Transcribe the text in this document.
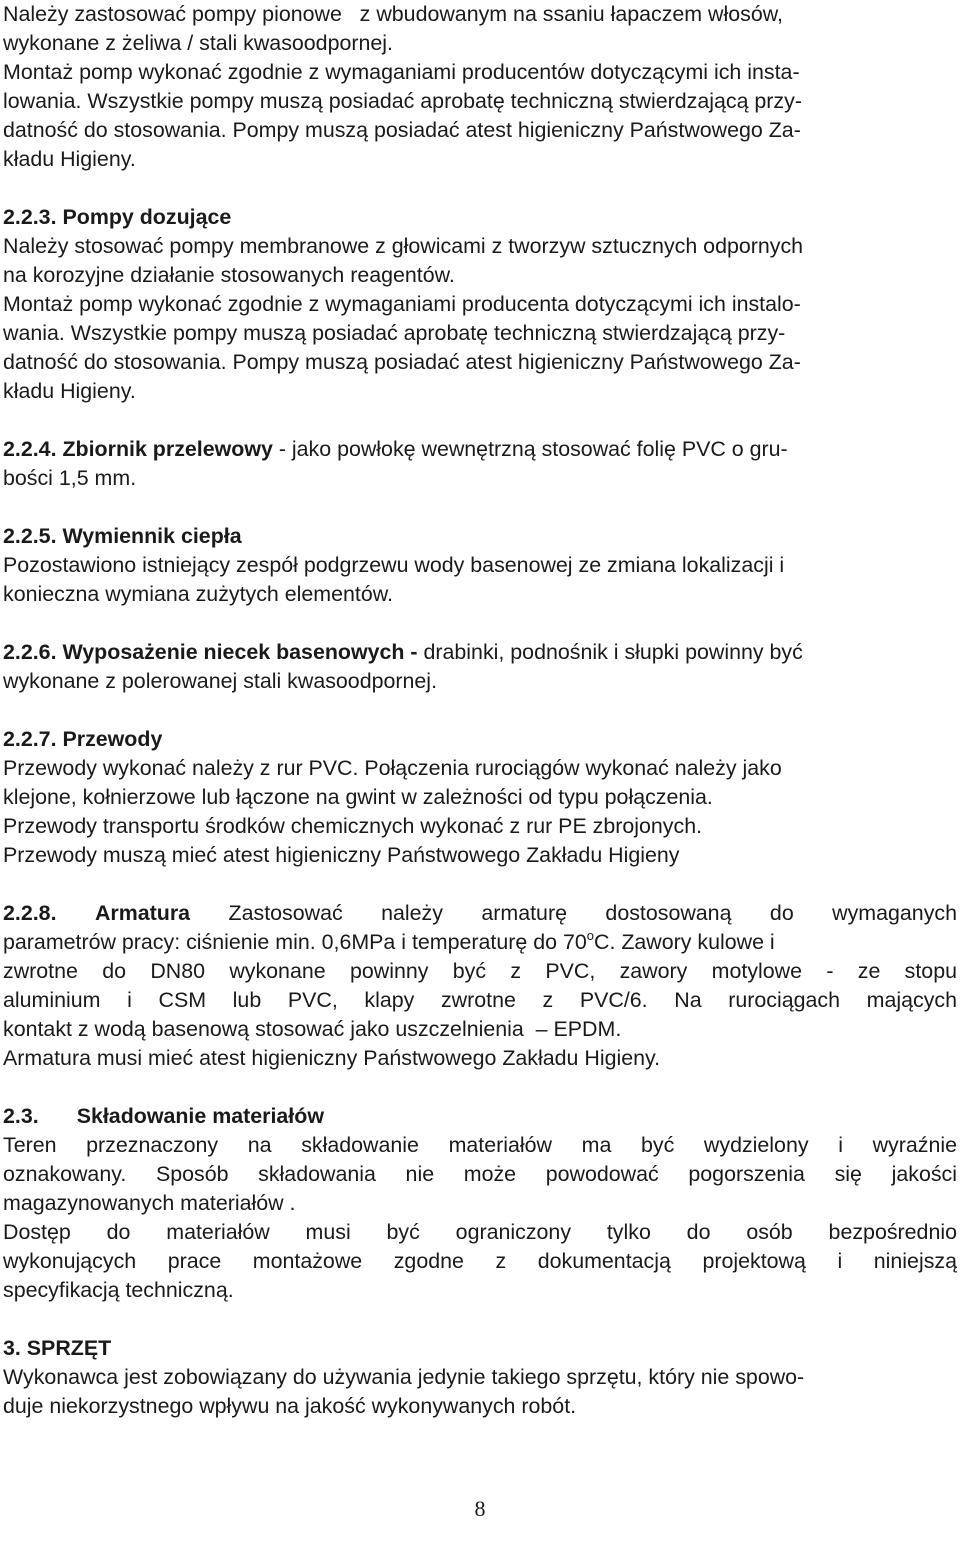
Należy zastosować pompy pionowe   z wbudowanym na ssaniu łapaczem włosów,
wykonane z żeliwa / stali kwasoodpornej.
Montaż pomp wykonać zgodnie z wymaganiami producentów dotyczącymi ich insta-
lowania. Wszystkie pompy muszą posiadać aprobatę techniczną stwierdzającą przy-
datność do stosowania. Pompy muszą posiadać atest higieniczny Państwowego Za-
kładu Higieny.
2.2.3. Pompy dozujące
Należy stosować pompy membranowe z głowicami z tworzyw sztucznych odpornych
na korozyjne działanie stosowanych reagentów.
Montaż pomp wykonać zgodnie z wymaganiami producenta dotyczącymi ich instalo-
wania. Wszystkie pompy muszą posiadać aprobatę techniczną stwierdzającą przy-
datność do stosowania. Pompy muszą posiadać atest higieniczny Państwowego Za-
kładu Higieny.
2.2.4. Zbiornik przelewowy - jako powłokę wewnętrzną stosować folię PVC o gru-
bości 1,5 mm.
2.2.5. Wymiennik ciepła
Pozostawiono istniejący zespół podgrzewu wody basenowej ze zmiana lokalizacji i
konieczna wymiana zużytych elementów.
2.2.6. Wyposażenie niecek basenowych - drabinki, podnośnik i słupki powinny być
wykonane z polerowanej stali kwasoodpornej.
2.2.7. Przewody
Przewody wykonać należy z rur PVC. Połączenia rurociągów wykonać należy jako
klejone, kołnierzowe lub łączone na gwint w zależności od typu połączenia.
Przewody transportu środków chemicznych wykonać z rur PE zbrojonych.
Przewody muszą mieć atest higieniczny Państwowego Zakładu Higieny
2.2.8. Armatura Zastosować należy armaturę dostosowaną do wymaganych
parametrów pracy: ciśnienie min. 0,6MPa i temperaturę do 70$^o$C. Zawory kulowe i
zwrotne do DN80 wykonane powinny być z PVC, zawory motylowe - ze stopu
aluminium i CSM lub PVC, klapy zwrotne z PVC/6. Na rurociągach mających
kontakt z wodą basenową stosować jako uszczelnienia  – EPDM.
Armatura musi mieć atest higieniczny Państwowego Zakładu Higieny.
2.3. Składowanie materiałów
Teren przeznaczony na składowanie materiałów ma być wydzielony i wyraźnie
oznakowany. Sposób składowania nie może powodować pogorszenia się jakości
magazynowanych materiałów .
Dostęp do materiałów musi być ograniczony tylko do osób bezpośrednio
wykonujących prace montażowe zgodne z dokumentacją projektową i niniejszą
specyfikacją techniczną.
3. SPRZĘT
Wykonawca jest zobowiązany do używania jedynie takiego sprzętu, który nie spowo-
duje niekorzystnego wpływu na jakość wykonywanych robót.
8
